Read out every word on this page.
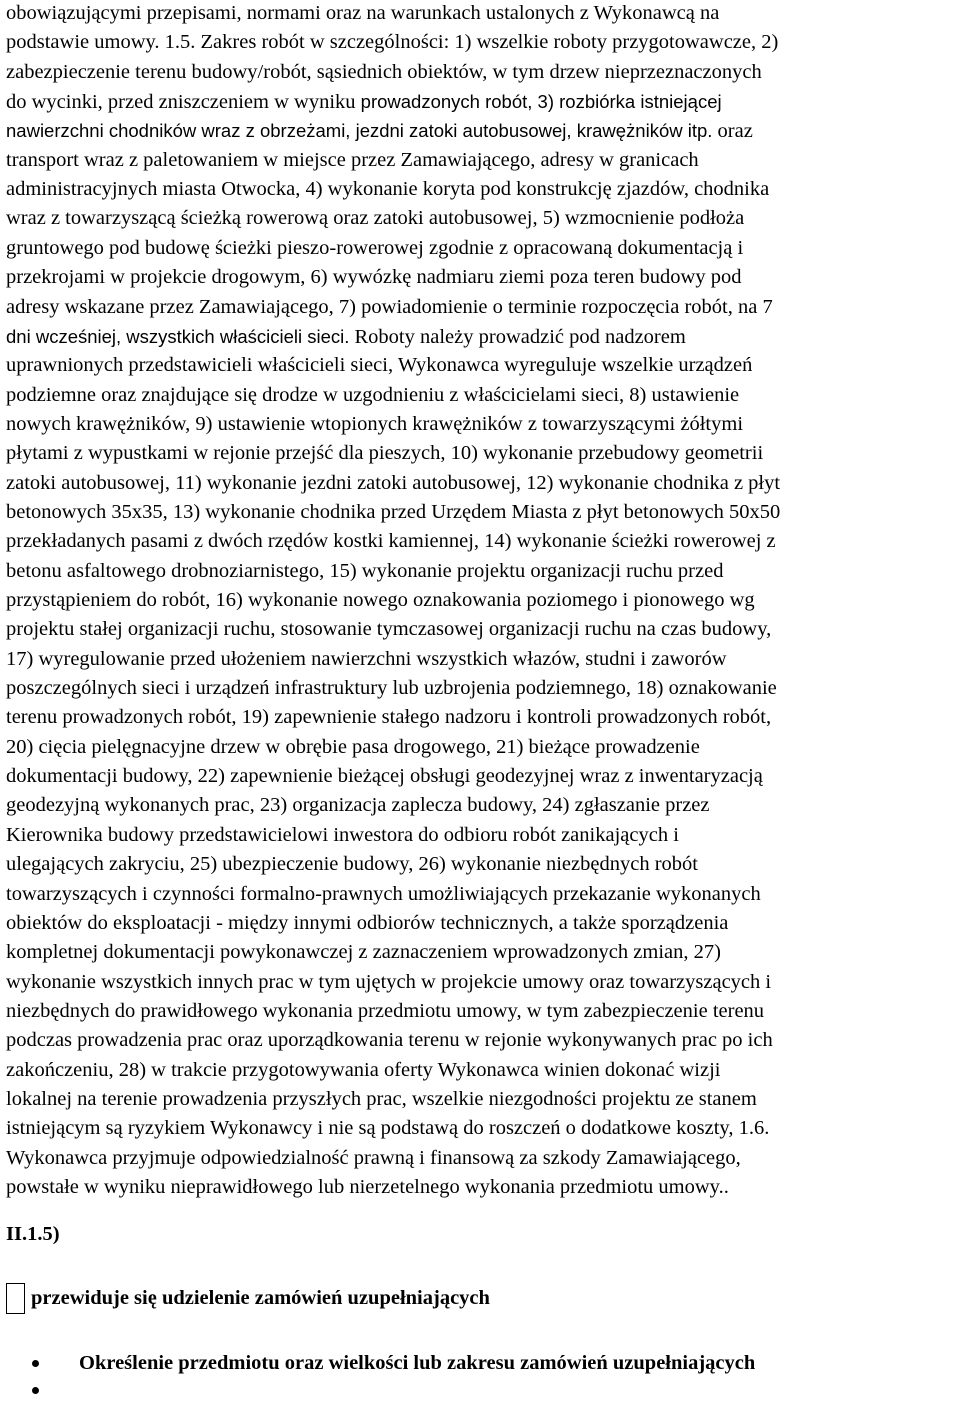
obowiązującymi przepisami, normami oraz na warunkach ustalonych z Wykonawcą na
podstawie umowy. 1.5. Zakres robót w szczególności: 1) wszelkie roboty przygotowawcze, 2)
zabezpieczenie terenu budowy/robót, sąsiednich obiektów, w tym drzew nieprzeznaczonych
do wycinki, przed zniszczeniem w wyniku prowadzonych robót, 3) rozbiórka istniejącej
nawierzchni chodników wraz z obrzeżami, jezdni zatoki autobusowej, krawężników itp. oraz
transport wraz z paletowaniem w miejsce przez Zamawiającego, adresy w granicach
administracyjnych miasta Otwocka, 4) wykonanie koryta pod konstrukcję zjazdów, chodnika
wraz z towarzyszącą ścieżką rowerową oraz zatoki autobusowej, 5) wzmocnienie podłoża
gruntowego pod budowę ścieżki pieszo-rowerowej zgodnie z opracowaną dokumentacją i
przekrojami w projekcie drogowym, 6) wywózkę nadmiaru ziemi poza teren budowy pod
adresy wskazane przez Zamawiającego, 7) powiadomienie o terminie rozpoczęcia robót, na 7
dni wcześniej, wszystkich właścicieli sieci. Roboty należy prowadzić pod nadzorem
uprawnionych przedstawicieli właścicieli sieci, Wykonawca wyreguluje wszelkie urządzeń
podziemne oraz znajdujące się drodze w uzgodnieniu z właścicielami sieci, 8) ustawienie
nowych krawężników, 9) ustawienie wtopionych krawężników z towarzyszącymi żółtymi
płytami z wypustkami w rejonie przejść dla pieszych, 10) wykonanie przebudowy geometrii
zatoki autobusowej, 11) wykonanie jezdni zatoki autobusowej, 12) wykonanie chodnika z płyt
betonowych 35x35, 13) wykonanie chodnika przed Urzędem Miasta z płyt betonowych 50x50
przekładanych pasami z dwóch rzędów kostki kamiennej, 14) wykonanie ścieżki rowerowej z
betonu asfaltowego drobnoziarnistego, 15) wykonanie projektu organizacji ruchu przed
przystąpieniem do robót, 16) wykonanie nowego oznakowania poziomego i pionowego wg
projektu stałej organizacji ruchu, stosowanie tymczasowej organizacji ruchu na czas budowy,
17) wyregulowanie przed ułożeniem nawierzchni wszystkich włazów, studni i zaworów
poszczególnych sieci i urządzeń infrastruktury lub uzbrojenia podziemnego, 18) oznakowanie
terenu prowadzonych robót, 19) zapewnienie stałego nadzoru i kontroli prowadzonych robót,
20) cięcia pielęgnacyjne drzew w obrębie pasa drogowego, 21) bieżące prowadzenie
dokumentacji budowy, 22) zapewnienie bieżącej obsługi geodezyjnej wraz z inwentaryzacją
geodezyjną wykonanych prac, 23) organizacja zaplecza budowy, 24) zgłaszanie przez
Kierownika budowy przedstawicielowi inwestora do odbioru robót zanikających i
ulegających zakryciu, 25) ubezpieczenie budowy, 26) wykonanie niezbędnych robót
towarzyszących i czynności formalno-prawnych umożliwiających przekazanie wykonanych
obiektów do eksploatacji - między innymi odbiorów technicznych, a także sporządzenia
kompletnej dokumentacji powykonawczej z zaznaczeniem wprowadzonych zmian, 27)
wykonanie wszystkich innych prac w tym ujętych w projekcie umowy oraz towarzyszących i
niezbędnych do prawidłowego wykonania przedmiotu umowy, w tym zabezpieczenie terenu
podczas prowadzenia prac oraz uporządkowania terenu w rejonie wykonywanych prac po ich
zakończeniu, 28) w trakcie przygotowywania oferty Wykonawca winien dokonać wizji
lokalnej na terenie prowadzenia przyszłych prac, wszelkie niezgodności projektu ze stanem
istniejącym są ryzykiem Wykonawcy i nie są podstawą do roszczeń o dodatkowe koszty, 1.6.
Wykonawca przyjmuje odpowiedzialność prawną i finansową za szkody Zamawiającego,
powstałe w wyniku nieprawidłowego lub nierzetelnego wykonania przedmiotu umowy..
II.1.5)
przewiduje się udzielenie zamówień uzupełniających
Określenie przedmiotu oraz wielkości lub zakresu zamówień uzupełniających
